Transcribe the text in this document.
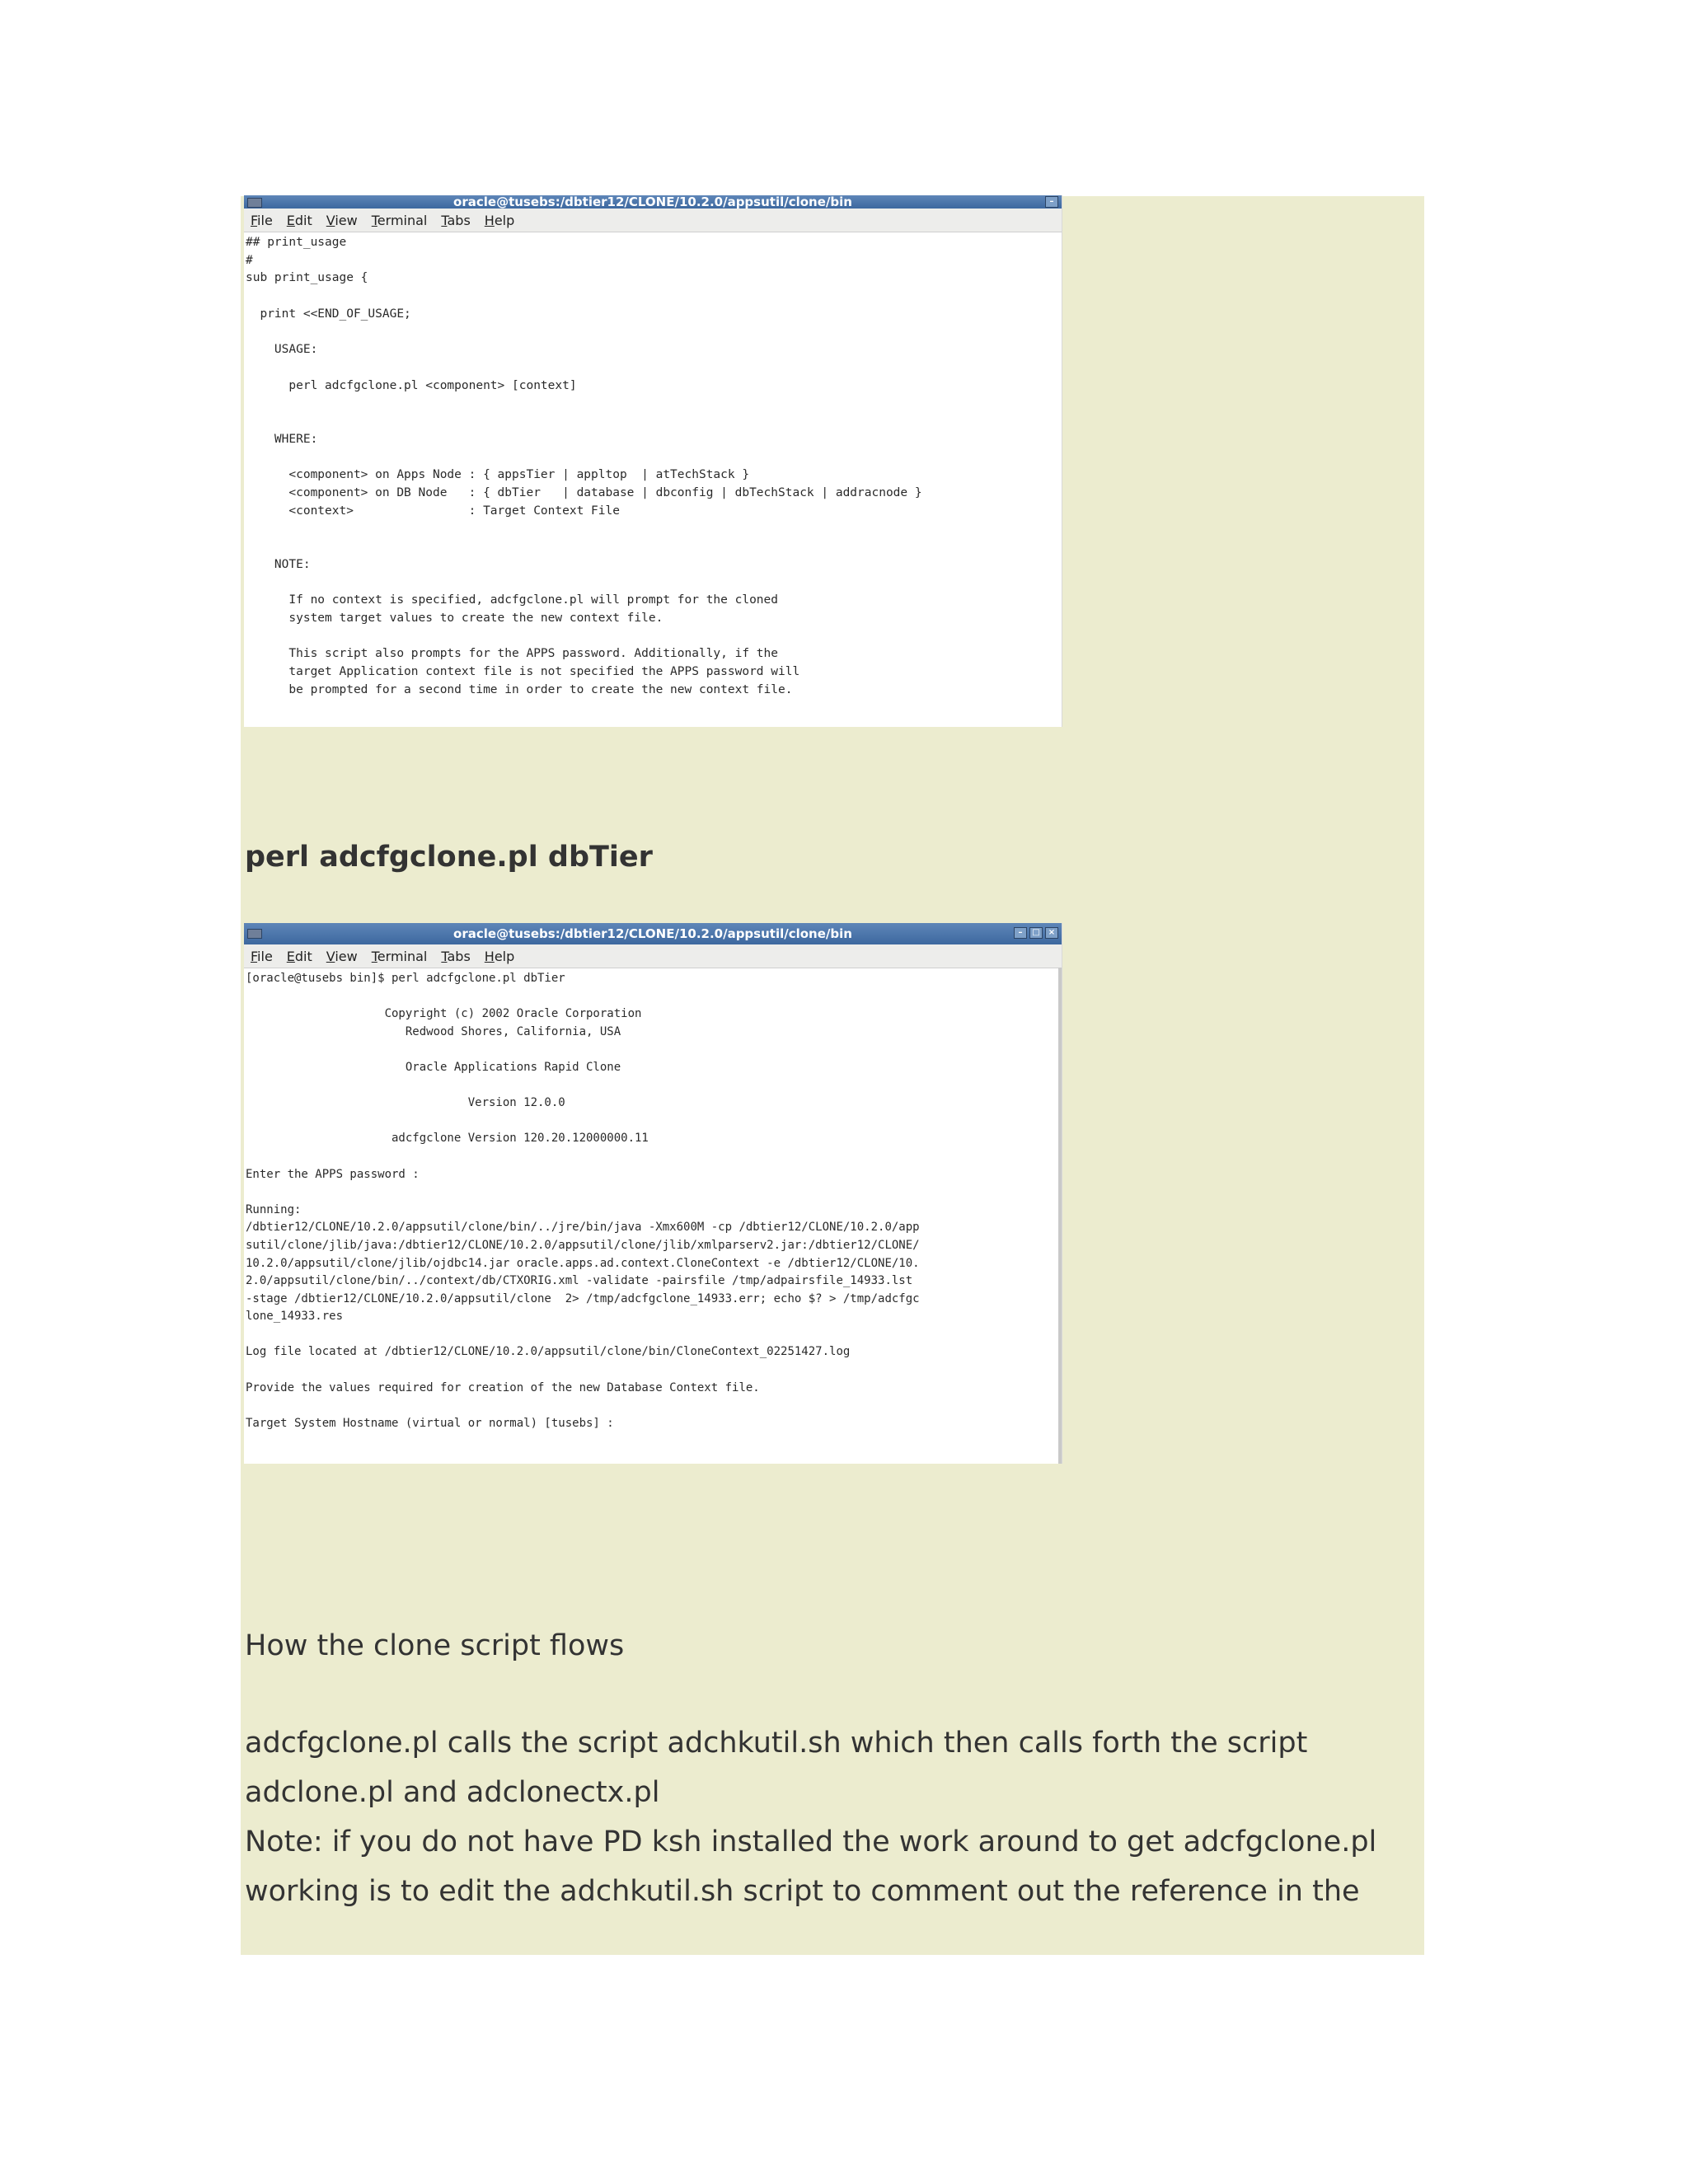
oracle@tusebs:/dbtier12/CLONE/10.2.0/appsutil/clone/bin	–
File Edit View Terminal Tabs Help
## print_usage
#
sub print_usage {

print <<END_OF_USAGE;

USAGE:

perl adcfgclone.pl <component> [context]

WHERE:

<component> on Apps Node : { appsTier | appltop  | atTechStack }
<component> on DB Node   : { dbTier   | database | dbconfig | dbTechStack | addracnode }
<context>                : Target Context File

NOTE:

If no context is specified, adcfgclone.pl will prompt for the cloned
system target values to create the new context file.

This script also prompts for the APPS password. Additionally, if the
target Application context file is not specified the APPS password will
be prompted for a second time in order to create the new context file.
perl adcfgclone.pl dbTier
oracle@tusebs:/dbtier12/CLONE/10.2.0/appsutil/clone/bin	– □ ×
File Edit View Terminal Tabs Help
[oracle@tusebs bin]$ perl adcfgclone.pl dbTier

Copyright (c) 2002 Oracle Corporation
Redwood Shores, California, USA

Oracle Applications Rapid Clone

Version 12.0.0

adcfgclone Version 120.20.12000000.11

Enter the APPS password :

Running:
/dbtier12/CLONE/10.2.0/appsutil/clone/bin/../jre/bin/java -Xmx600M -cp /dbtier12/CLONE/10.2.0/app
sutil/clone/jlib/java:/dbtier12/CLONE/10.2.0/appsutil/clone/jlib/xmlparserv2.jar:/dbtier12/CLONE/
10.2.0/appsutil/clone/jlib/ojdbc14.jar oracle.apps.ad.context.CloneContext -e /dbtier12/CLONE/10.
2.0/appsutil/clone/bin/../context/db/CTXORIG.xml -validate -pairsfile /tmp/adpairsfile_14933.lst
-stage /dbtier12/CLONE/10.2.0/appsutil/clone  2> /tmp/adcfgclone_14933.err; echo $? > /tmp/adcfgc
lone_14933.res

Log file located at /dbtier12/CLONE/10.2.0/appsutil/clone/bin/CloneContext_02251427.log

Provide the values required for creation of the new Database Context file.

Target System Hostname (virtual or normal) [tusebs] :
How the clone script flows
adcfgclone.pl calls the script adchkutil.sh which then calls forth the script
adclone.pl and adclonectx.pl
Note: if you do not have PD ksh installed the work around to get adcfgclone.pl
working is to edit the adchkutil.sh script to comment out the reference in the
